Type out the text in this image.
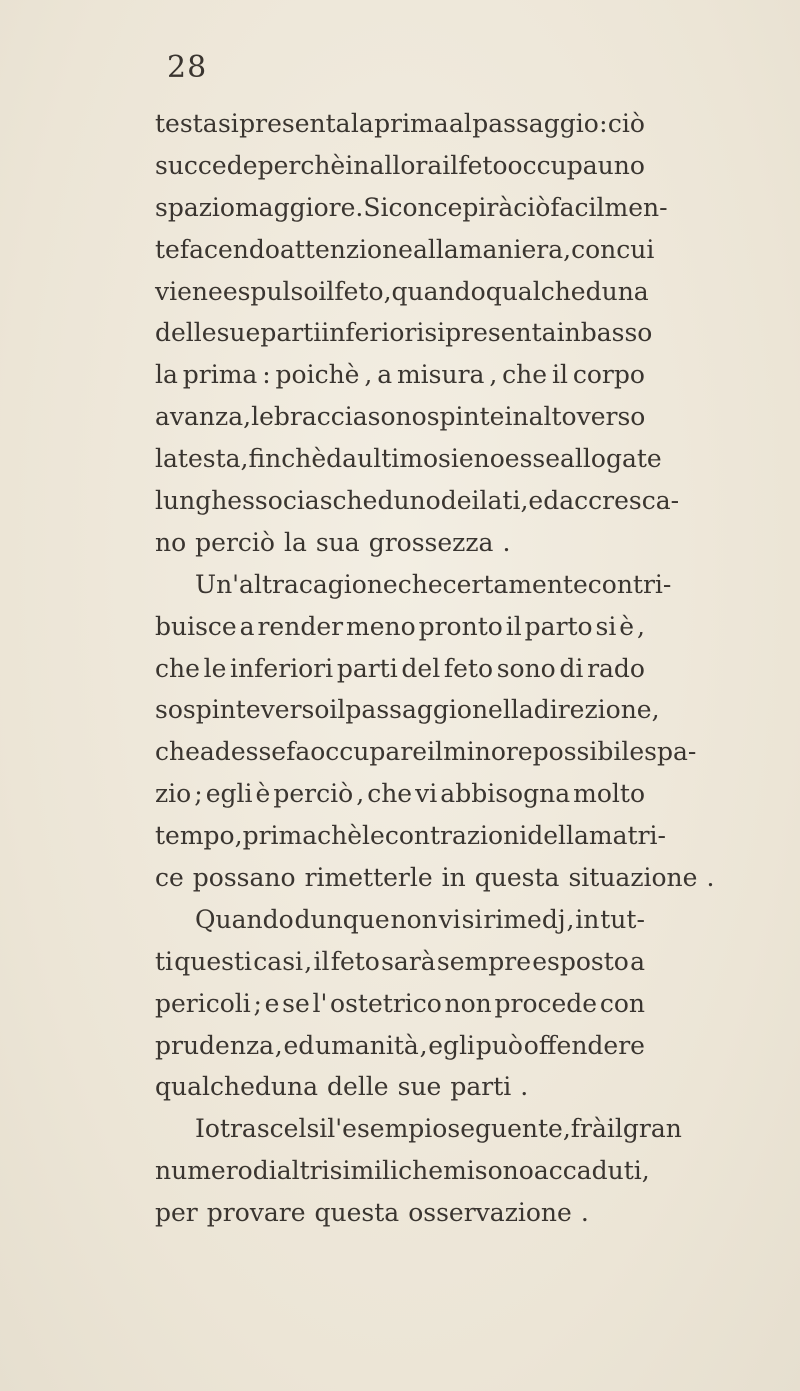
28
testa si presenta la prima al passaggio : ciò
succede perchè in allora il feto occupa uno
spazio maggiore . Si concepirà ciò facilmen-
te facendo attenzione alla maniera , con cui
viene espulso il feto , quando qualcheduna
delle sue parti inferiori si presenta in basso
la prima : poichè , a misura , che il corpo
avanza , le braccia sono spinte in alto verso
la testa , finchè da ultimo sieno esse allogate
lunghesso ciascheduno dei lati , ed accresca-
no perciò la sua grossezza .
Un' altra cagione che certamente contri-
buisce a render meno pronto il parto si è ,
che le inferiori parti del feto sono di rado
sospinte verso il passaggio nella direzione ,
che ad esse fa occupare il minore possibile spa-
zio ; egli è perciò , che vi abbisogna molto
tempo , primachè le contrazioni della matri-
ce possano rimetterle in questa situazione .
Quando dunque non vi si rimedj , in tut-
ti questi casi , il feto sarà sempre esposto a
pericoli ; e se l' ostetrico non procede con
prudenza , ed umanità , egli può offendere
qualcheduna delle sue parti .
Io trascelsi l' esempio seguente , frà il gran
numero di altri simili che mi sono accaduti ,
per provare questa osservazione .
